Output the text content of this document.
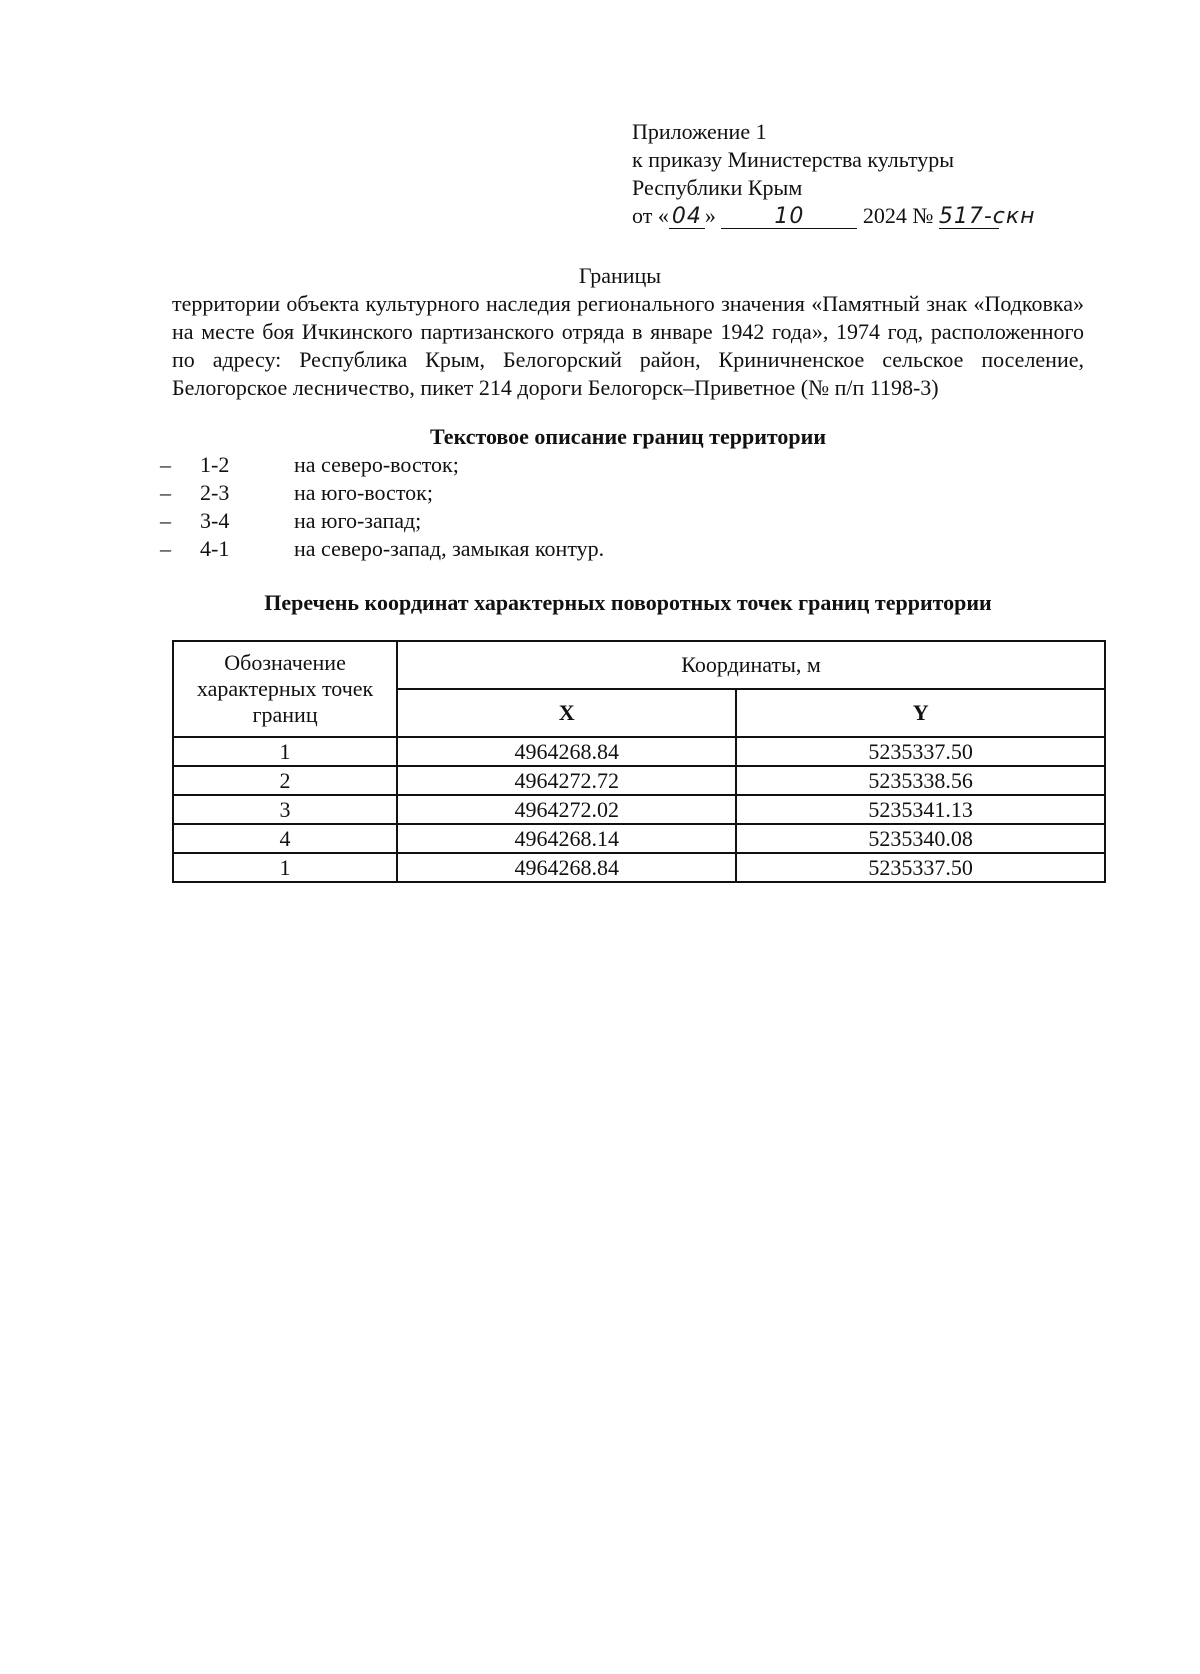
Приложение 1
к приказу Министерства культуры
Республики Крым
от « 04 »	10	2024 № 517-скн
Границы
территории объекта культурного наследия регионального значения «Памятный знак «Подковка» на месте боя Ичкинского партизанского отряда в январе 1942 года», 1974 год, расположенного по адресу: Республика Крым, Белогорский район, Криничненское сельское поселение, Белогорское лесничество, пикет 214 дороги Белогорск–Приветное (№ п/п 1198-3)
Текстовое описание границ территории
– 1-2	на северо-восток;
– 2-3	на юго-восток;
– 3-4	на юго-запад;
– 4-1	на северо-запад, замыкая контур.
Перечень координат характерных поворотных точек границ территории
Обозначение характерных точек границ	Координаты, м	
	X	Y
1	4964268.84	5235337.50
2	4964272.72	5235338.56
3	4964272.02	5235341.13
4	4964268.14	5235340.08
1	4964268.84	5235337.50
